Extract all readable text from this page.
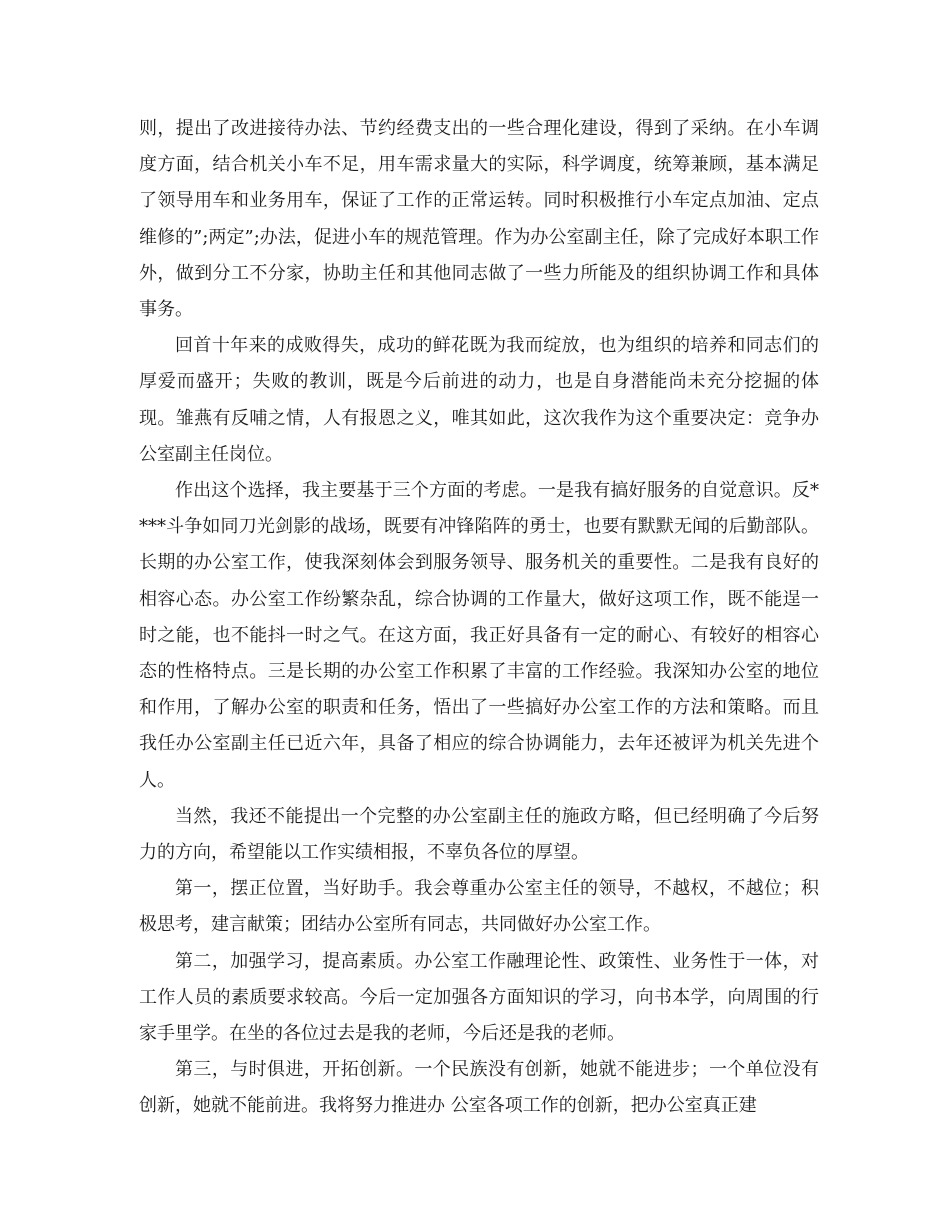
则，提出了改进接待办法、节约经费支出的一些合理化建设，得到了采纳。在小车调度方面，结合机关小车不足，用车需求量大的实际，科学调度，统筹兼顾，基本满足了领导用车和业务用车，保证了工作的正常运转。同时积极推行小车定点加油、定点维修的”;两定”;办法，促进小车的规范管理。作为办公室副主任，除了完成好本职工作外，做到分工不分家，协助主任和其他同志做了一些力所能及的组织协调工作和具体事务。

回首十年来的成败得失，成功的鲜花既为我而绽放，也为组织的培养和同志们的厚爱而盛开；失败的教训，既是今后前进的动力，也是自身潜能尚未充分挖掘的体现。雏燕有反哺之情，人有报恩之义，唯其如此，这次我作为这个重要决定：竞争办公室副主任岗位。

作出这个选择，我主要基于三个方面的考虑。一是我有搞好服务的自觉意识。反****斗争如同刀光剑影的战场，既要有冲锋陷阵的勇士，也要有默默无闻的后勤部队。长期的办公室工作，使我深刻体会到服务领导、服务机关的重要性。二是我有良好的相容心态。办公室工作纷繁杂乱，综合协调的工作量大，做好这项工作，既不能逞一时之能，也不能抖一时之气。在这方面，我正好具备有一定的耐心、有较好的相容心态的性格特点。三是长期的办公室工作积累了丰富的工作经验。我深知办公室的地位和作用，了解办公室的职责和任务，悟出了一些搞好办公室工作的方法和策略。而且我任办公室副主任已近六年，具备了相应的综合协调能力，去年还被评为机关先进个人。

当然，我还不能提出一个完整的办公室副主任的施政方略，但已经明确了今后努力的方向，希望能以工作实绩相报，不辜负各位的厚望。

第一，摆正位置，当好助手。我会尊重办公室主任的领导，不越权，不越位；积极思考，建言献策；团结办公室所有同志，共同做好办公室工作。

第二，加强学习，提高素质。办公室工作融理论性、政策性、业务性于一体，对工作人员的素质要求较高。今后一定加强各方面知识的学习，向书本学，向周围的行家手里学。在坐的各位过去是我的老师，今后还是我的老师。

第三，与时俱进，开拓创新。一个民族没有创新，她就不能进步；一个单位没有创新，她就不能前进。我将努力推进办 公室各项工作的创新，把办公室真正建
